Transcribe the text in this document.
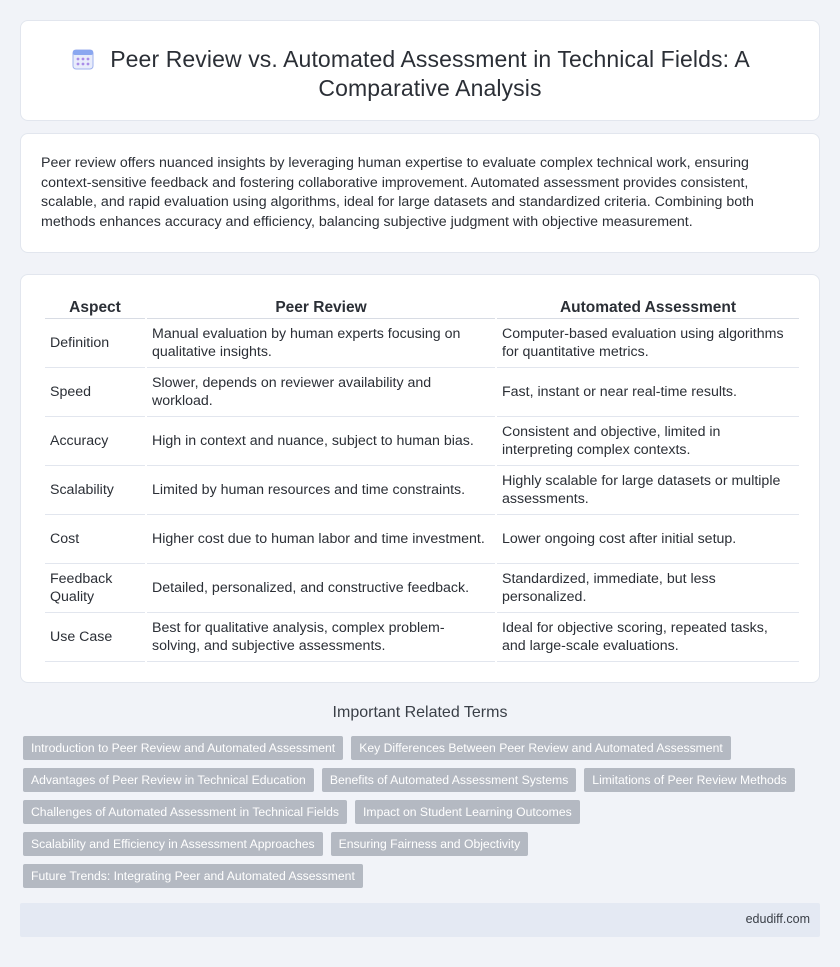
Peer Review vs. Automated Assessment in Technical Fields: A Comparative Analysis

Peer review offers nuanced insights by leveraging human expertise to evaluate complex technical work, ensuring context-sensitive feedback and fostering collaborative improvement. Automated assessment provides consistent, scalable, and rapid evaluation using algorithms, ideal for large datasets and standardized criteria. Combining both methods enhances accuracy and efficiency, balancing subjective judgment with objective measurement.

Aspect	Peer Review	Automated Assessment
Definition	Manual evaluation by human experts focusing on qualitative insights.	Computer-based evaluation using algorithms for quantitative metrics.
Speed	Slower, depends on reviewer availability and workload.	Fast, instant or near real-time results.
Accuracy	High in context and nuance, subject to human bias.	Consistent and objective, limited in interpreting complex contexts.
Scalability	Limited by human resources and time constraints.	Highly scalable for large datasets or multiple assessments.
Cost	Higher cost due to human labor and time investment.	Lower ongoing cost after initial setup.
Feedback Quality	Detailed, personalized, and constructive feedback.	Standardized, immediate, but less personalized.
Use Case	Best for qualitative analysis, complex problem-solving, and subjective assessments.	Ideal for objective scoring, repeated tasks, and large-scale evaluations.
Important Related Terms
Introduction to Peer Review and Automated Assessment	Key Differences Between Peer Review and Automated Assessment
Advantages of Peer Review in Technical Education	Benefits of Automated Assessment Systems	Limitations of Peer Review Methods
Challenges of Automated Assessment in Technical Fields	Impact on Student Learning Outcomes
Scalability and Efficiency in Assessment Approaches	Ensuring Fairness and Objectivity
Future Trends: Integrating Peer and Automated Assessment
edudiff.com
